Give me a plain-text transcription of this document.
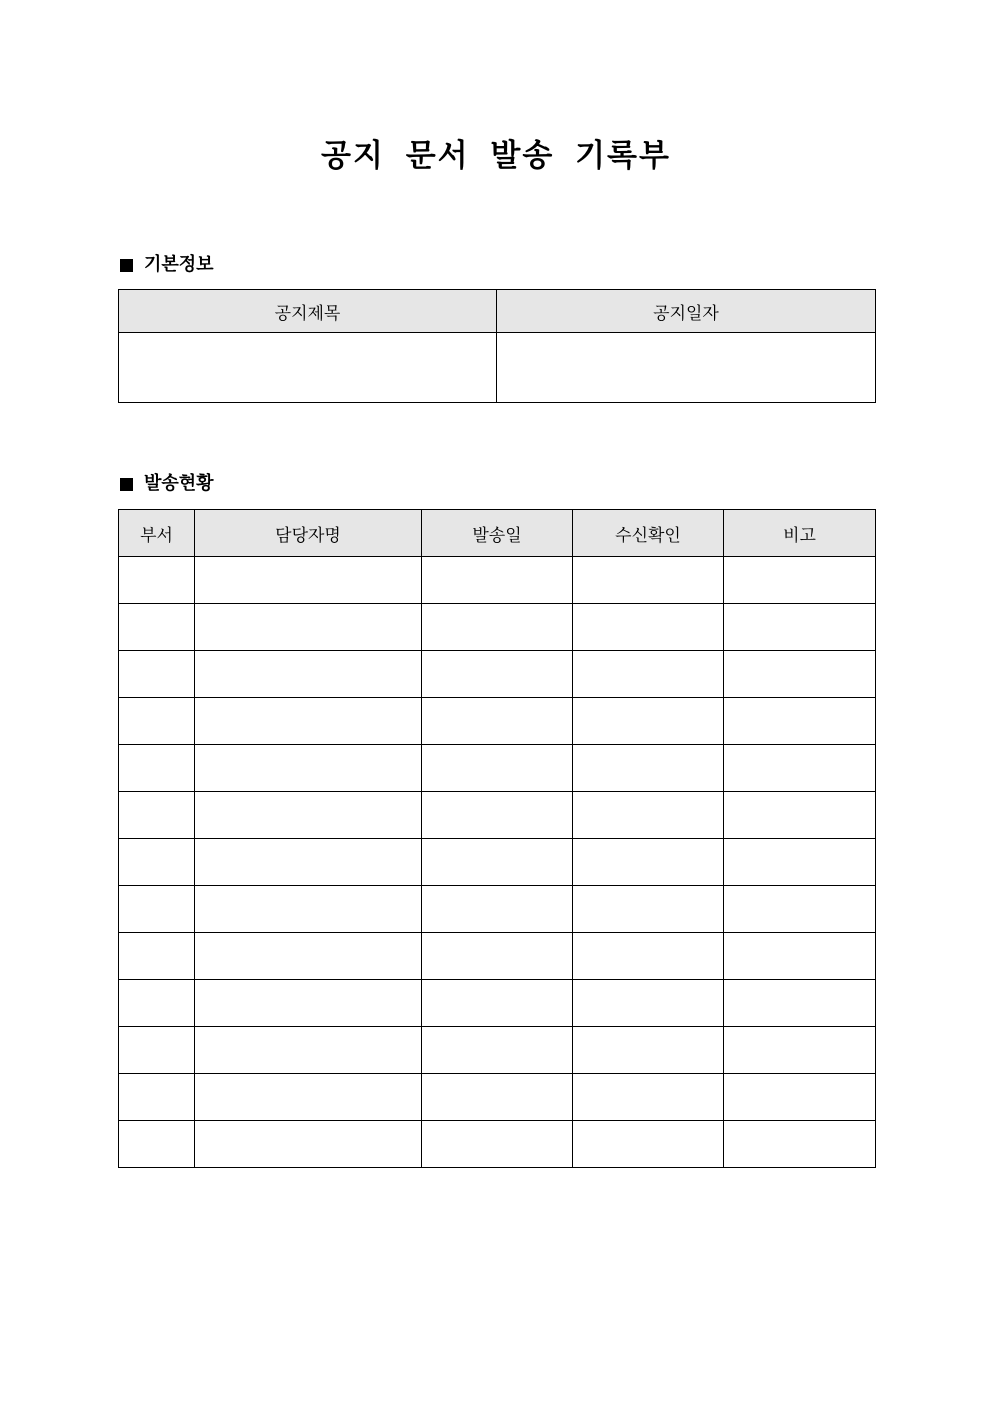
공지 문서 발송 기록부
기본정보
공지제목	공지일자

발송현황
부서	담당자명	발송일	수신확인	비고
